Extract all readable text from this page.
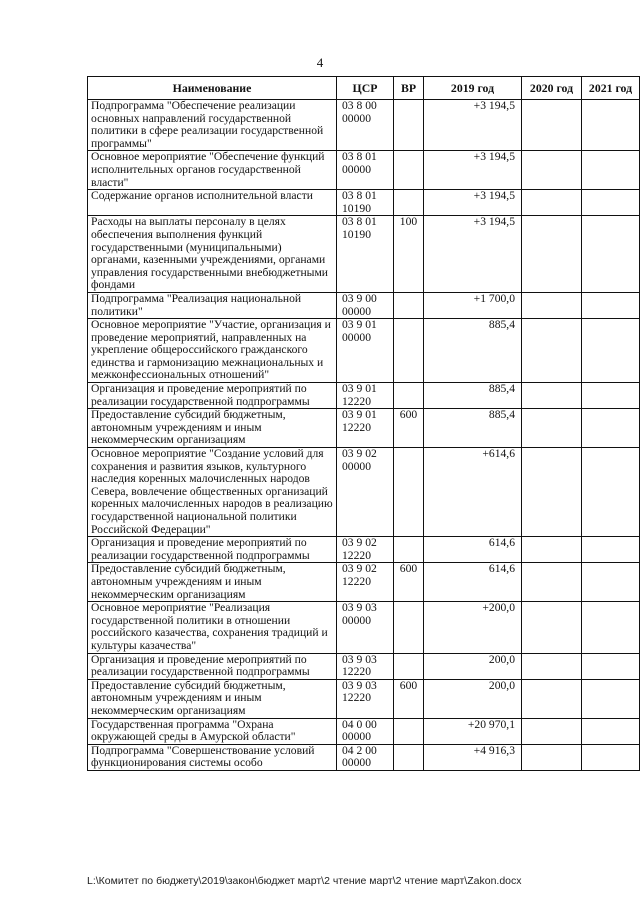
4
Наименование	ЦСР	ВР	2019 год	2020 год	2021 год
Подпрограмма "Обеспечение реализации основных направлений государственной политики в сфере реализации государственной программы"	03 8 00 00000		+3 194,5		
Основное мероприятие "Обеспечение функций исполнительных органов государственной власти"	03 8 01 00000		+3 194,5		
Содержание органов исполнительной власти	03 8 01 10190		+3 194,5		
Расходы на выплаты персоналу в целях обеспечения выполнения функций государственными (муниципальными) органами, казенными учреждениями, органами управления государственными внебюджетными фондами	03 8 01 10190	100	+3 194,5		
Подпрограмма "Реализация национальной политики"	03 9 00 00000		+1 700,0		
Основное мероприятие "Участие, организация и проведение мероприятий, направленных на укрепление общероссийского гражданского единства и гармонизацию межнациональных и межконфессиональных отношений"	03 9 01 00000		885,4		
Организация и проведение мероприятий по реализации государственной подпрограммы	03 9 01 12220		885,4		
Предоставление субсидий бюджетным, автономным учреждениям и иным некоммерческим организациям	03 9 01 12220	600	885,4		
Основное мероприятие "Создание условий для сохранения и развития языков, культурного наследия коренных малочисленных народов Севера, вовлечение общественных организаций коренных малочисленных народов в реализацию государственной национальной политики Российской Федерации"	03 9 02 00000		+614,6		
Организация и проведение мероприятий по реализации государственной подпрограммы	03 9 02 12220		614,6		
Предоставление субсидий бюджетным, автономным учреждениям и иным некоммерческим организациям	03 9 02 12220	600	614,6		
Основное мероприятие "Реализация государственной политики в отношении российского казачества, сохранения традиций и культуры казачества"	03 9 03 00000		+200,0		
Организация и проведение мероприятий по реализации государственной подпрограммы	03 9 03 12220		200,0		
Предоставление субсидий бюджетным, автономным учреждениям и иным некоммерческим организациям	03 9 03 12220	600	200,0		
Государственная программа "Охрана окружающей среды в Амурской области"	04 0 00 00000		+20 970,1		
Подпрограмма "Совершенствование условий функционирования системы особо	04 2 00 00000		+4 916,3		
L:\Комитет по бюджету\2019\закон\бюджет март\2 чтение март\2 чтение март\Zakon.docx
